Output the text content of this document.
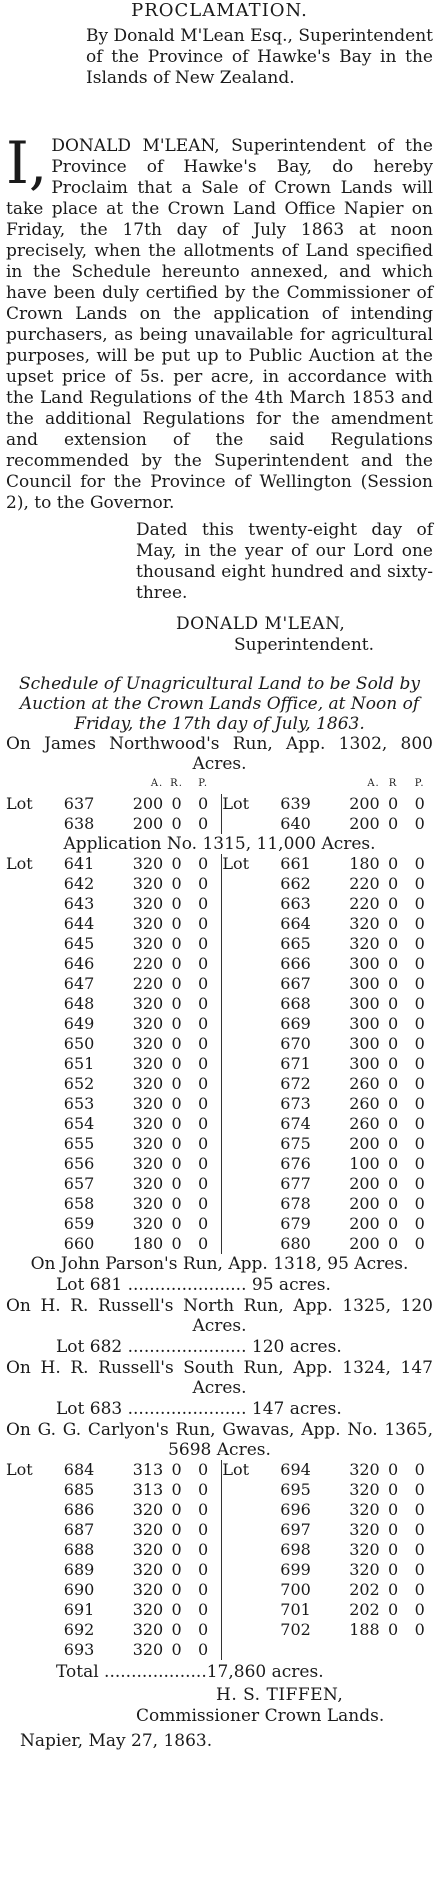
PROCLAMATION.
By Donald M'Lean Esq., Superintendent of the Province of Hawke's Bay in the Islands of New Zealand.
I, DONALD M'LEAN, Superintendent of the Province of Hawke's Bay, do hereby Proclaim that a Sale of Crown Lands will take place at the Crown Land Office Napier on Friday, the 17th day of July 1863 at noon precisely, when the allotments of Land specified in the Schedule hereunto annexed, and which have been duly certified by the Commissioner of Crown Lands on the application of intending purchasers, as being unavailable for agricultural purposes, will be put up to Public Auction at the upset price of 5s. per acre, in accordance with the Land Regulations of the 4th March 1853 and the additional Regulations for the amendment and extension of the said Regulations recommended by the Superintendent and the Council for the Province of Wellington (Session 2), to the Governor.
Dated this twenty-eight day of May, in the year of our Lord one thousand eight hundred and sixty-three.
DONALD M'LEAN,
Superintendent.
Schedule of Unagricultural Land to be Sold by Auction at the Crown Lands Office, at Noon of Friday, the 17th day of July, 1863.
On James Northwood's Run, App. 1302, 800 Acres.
		A.	R.	P.				A.	R	P.
Lot	637	200	0	0		Lot	639	200	0	0
	638	200	0	0			640	200	0	0
Application No. 1315, 11,000 Acres.
Lot	641	320	0	0		Lot	661	180	0	0
	642	320	0	0			662	220	0	0
	643	320	0	0			663	220	0	0
	644	320	0	0			664	320	0	0
	645	320	0	0			665	320	0	0
	646	220	0	0			666	300	0	0
	647	220	0	0			667	300	0	0
	648	320	0	0			668	300	0	0
	649	320	0	0			669	300	0	0
	650	320	0	0			670	300	0	0
	651	320	0	0			671	300	0	0
	652	320	0	0			672	260	0	0
	653	320	0	0			673	260	0	0
	654	320	0	0			674	260	0	0
	655	320	0	0			675	200	0	0
	656	320	0	0			676	100	0	0
	657	320	0	0			677	200	0	0
	658	320	0	0			678	200	0	0
	659	320	0	0			679	200	0	0
	660	180	0	0			680	200	0	0
On John Parson's Run, App. 1318, 95 Acres.
Lot 681 ...................... 95 acres.
On H. R. Russell's North Run, App. 1325, 120 Acres.
Lot 682 ...................... 120 acres.
On H. R. Russell's South Run, App. 1324, 147 Acres.
Lot 683 ...................... 147 acres.
On G. G. Carlyon's Run, Gwavas, App. No. 1365, 5698 Acres.
Lot	684	313	0	0		Lot	694	320	0	0
	685	313	0	0			695	320	0	0
	686	320	0	0			696	320	0	0
	687	320	0	0			697	320	0	0
	688	320	0	0			698	320	0	0
	689	320	0	0			699	320	0	0
	690	320	0	0			700	202	0	0
	691	320	0	0			701	202	0	0
	692	320	0	0			702	188	0	0
	693	320	0	0						
Total ...................17,860 acres.
H. S. TIFFEN,
Commissioner Crown Lands.
Napier, May 27, 1863.
